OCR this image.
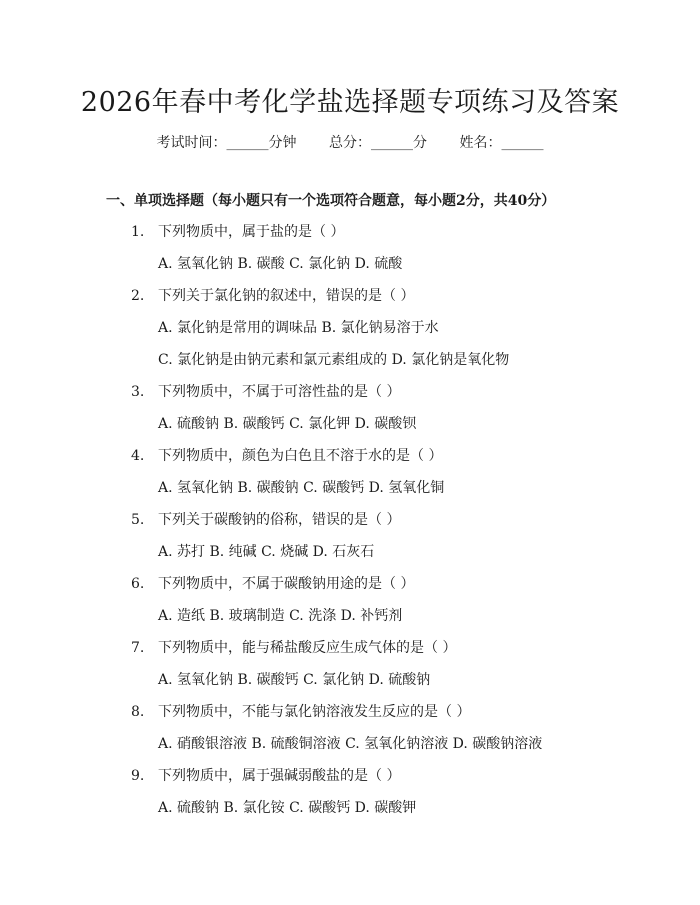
2026年春中考化学盐选择题专项练习及答案
考试时间：______分钟 总分：______分 姓名：______
一、单项选择题（每小题只有一个选项符合题意，每小题2分，共40分）
1. 下列物质中，属于盐的是（ ）
A. 氢氧化钠 B. 碳酸 C. 氯化钠 D. 硫酸
2. 下列关于氯化钠的叙述中，错误的是（ ）
A. 氯化钠是常用的调味品 B. 氯化钠易溶于水
C. 氯化钠是由钠元素和氯元素组成的 D. 氯化钠是氧化物
3. 下列物质中，不属于可溶性盐的是（ ）
A. 硫酸钠 B. 碳酸钙 C. 氯化钾 D. 碳酸钡
4. 下列物质中，颜色为白色且不溶于水的是（ ）
A. 氢氧化钠 B. 碳酸钠 C. 碳酸钙 D. 氢氧化铜
5. 下列关于碳酸钠的俗称，错误的是（ ）
A. 苏打 B. 纯碱 C. 烧碱 D. 石灰石
6. 下列物质中，不属于碳酸钠用途的是（ ）
A. 造纸 B. 玻璃制造 C. 洗涤 D. 补钙剂
7. 下列物质中，能与稀盐酸反应生成气体的是（ ）
A. 氢氧化钠 B. 碳酸钙 C. 氯化钠 D. 硫酸钠
8. 下列物质中，不能与氯化钠溶液发生反应的是（ ）
A. 硝酸银溶液 B. 硫酸铜溶液 C. 氢氧化钠溶液 D. 碳酸钠溶液
9. 下列物质中，属于强碱弱酸盐的是（ ）
A. 硫酸钠 B. 氯化铵 C. 碳酸钙 D. 碳酸钾
